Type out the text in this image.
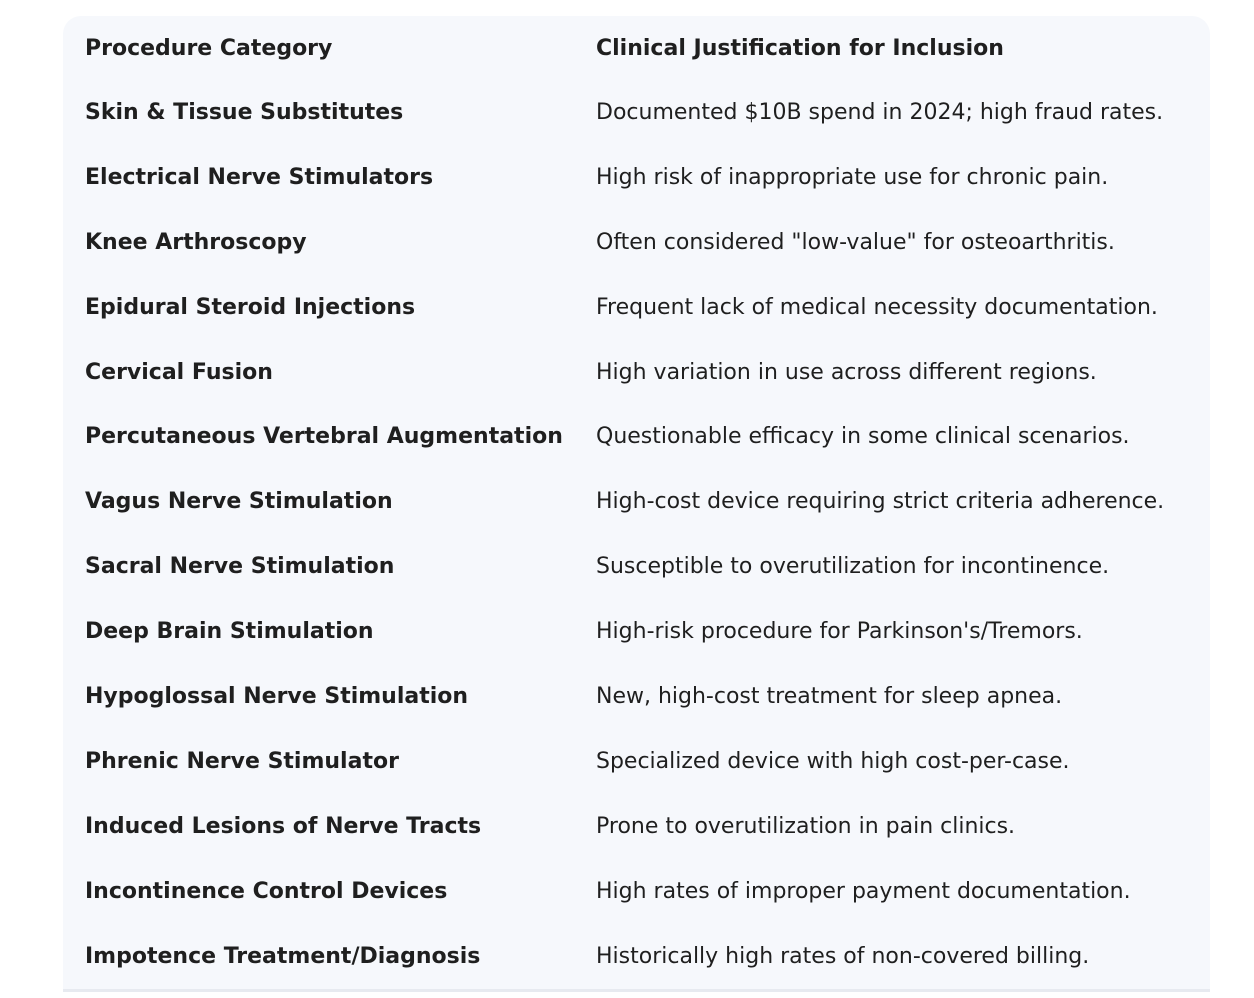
Procedure Category	Clinical Justification for Inclusion
Skin & Tissue Substitutes	Documented $10B spend in 2024; high fraud rates.
Electrical Nerve Stimulators	High risk of inappropriate use for chronic pain.
Knee Arthroscopy	Often considered "low-value" for osteoarthritis.
Epidural Steroid Injections	Frequent lack of medical necessity documentation.
Cervical Fusion	High variation in use across different regions.
Percutaneous Vertebral Augmentation	Questionable efficacy in some clinical scenarios.
Vagus Nerve Stimulation	High-cost device requiring strict criteria adherence.
Sacral Nerve Stimulation	Susceptible to overutilization for incontinence.
Deep Brain Stimulation	High-risk procedure for Parkinson's/Tremors.
Hypoglossal Nerve Stimulation	New, high-cost treatment for sleep apnea.
Phrenic Nerve Stimulator	Specialized device with high cost-per-case.
Induced Lesions of Nerve Tracts	Prone to overutilization in pain clinics.
Incontinence Control Devices	High rates of improper payment documentation.
Impotence Treatment/Diagnosis	Historically high rates of non-covered billing.
